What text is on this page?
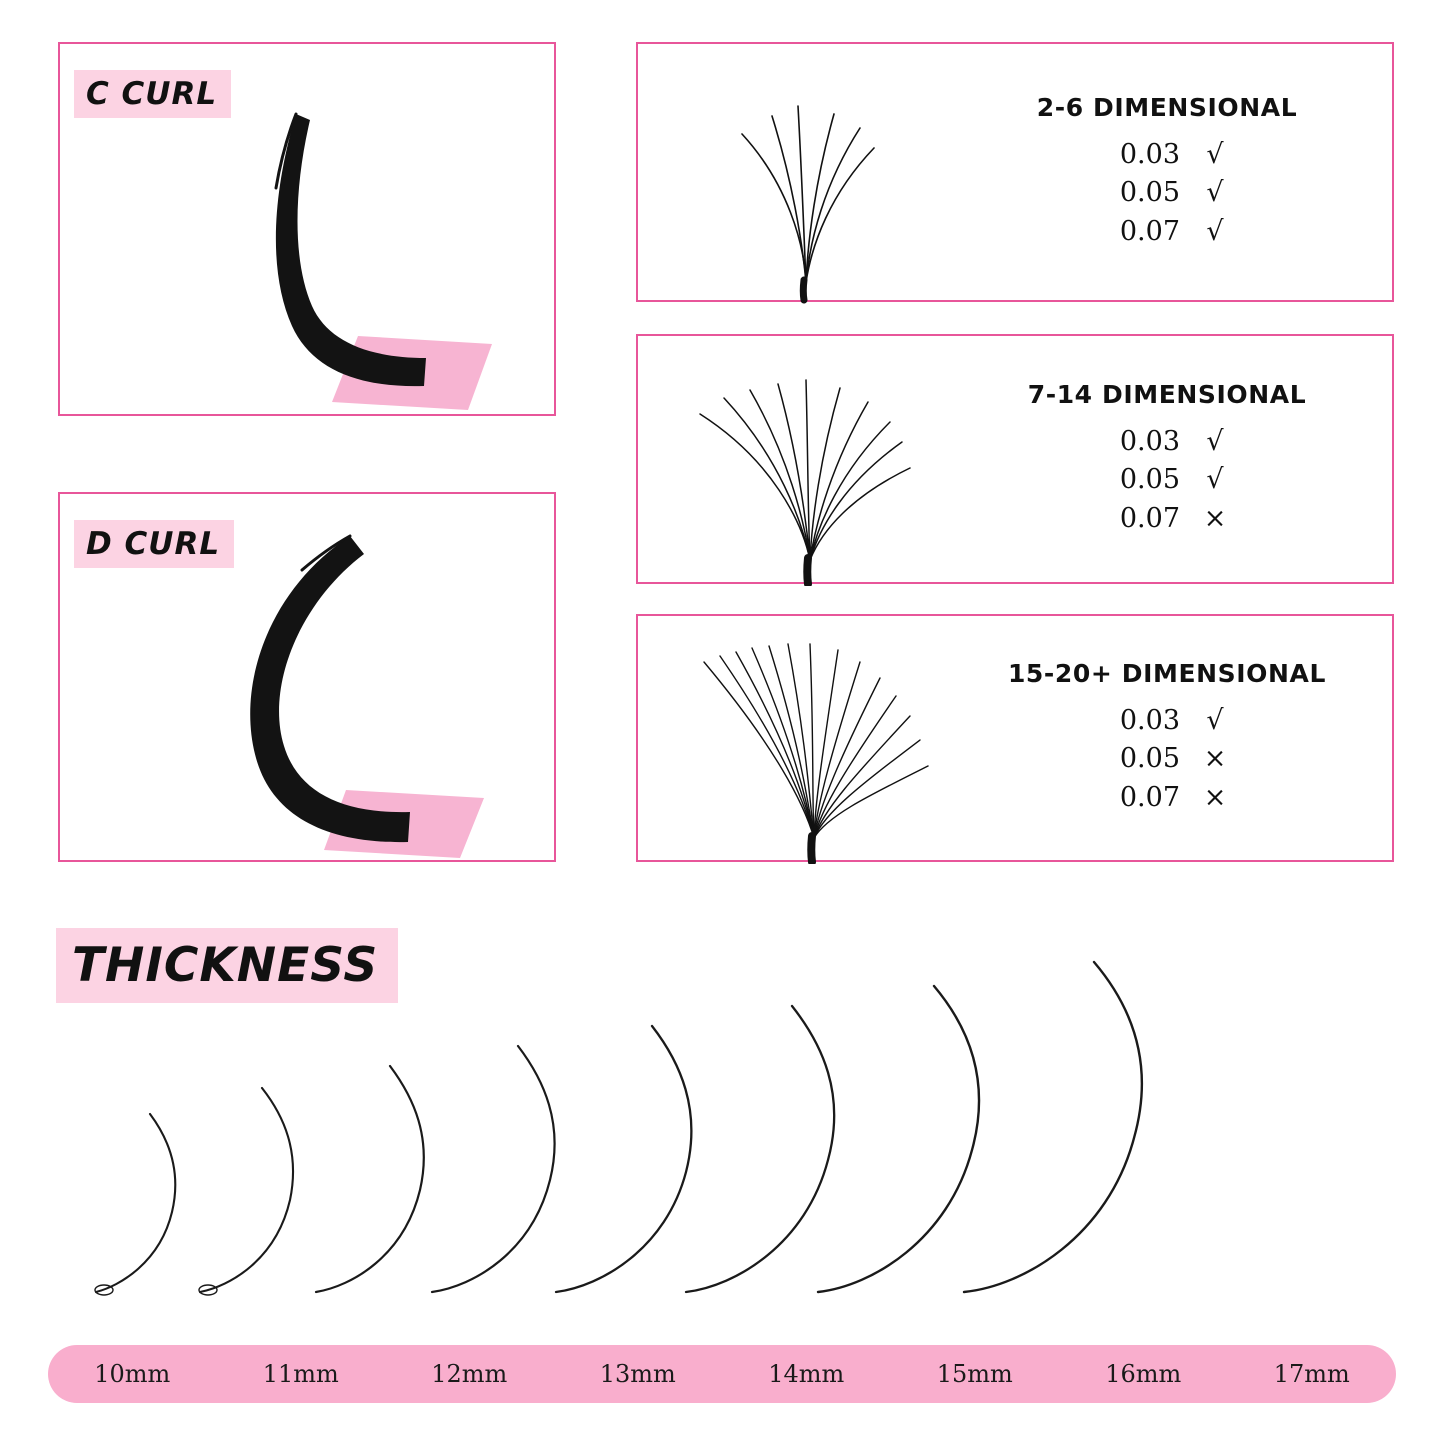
C CURL
D CURL
2-6 DIMENSIONAL
0.03 √
0.05 √
0.07 √
7-14 DIMENSIONAL
0.03 √
0.05 √
0.07 ×
15-20+ DIMENSIONAL
0.03 √
0.05 ×
0.07 ×
THICKNESS
10mm	11mm	12mm	13mm	14mm	15mm	16mm	17mm
